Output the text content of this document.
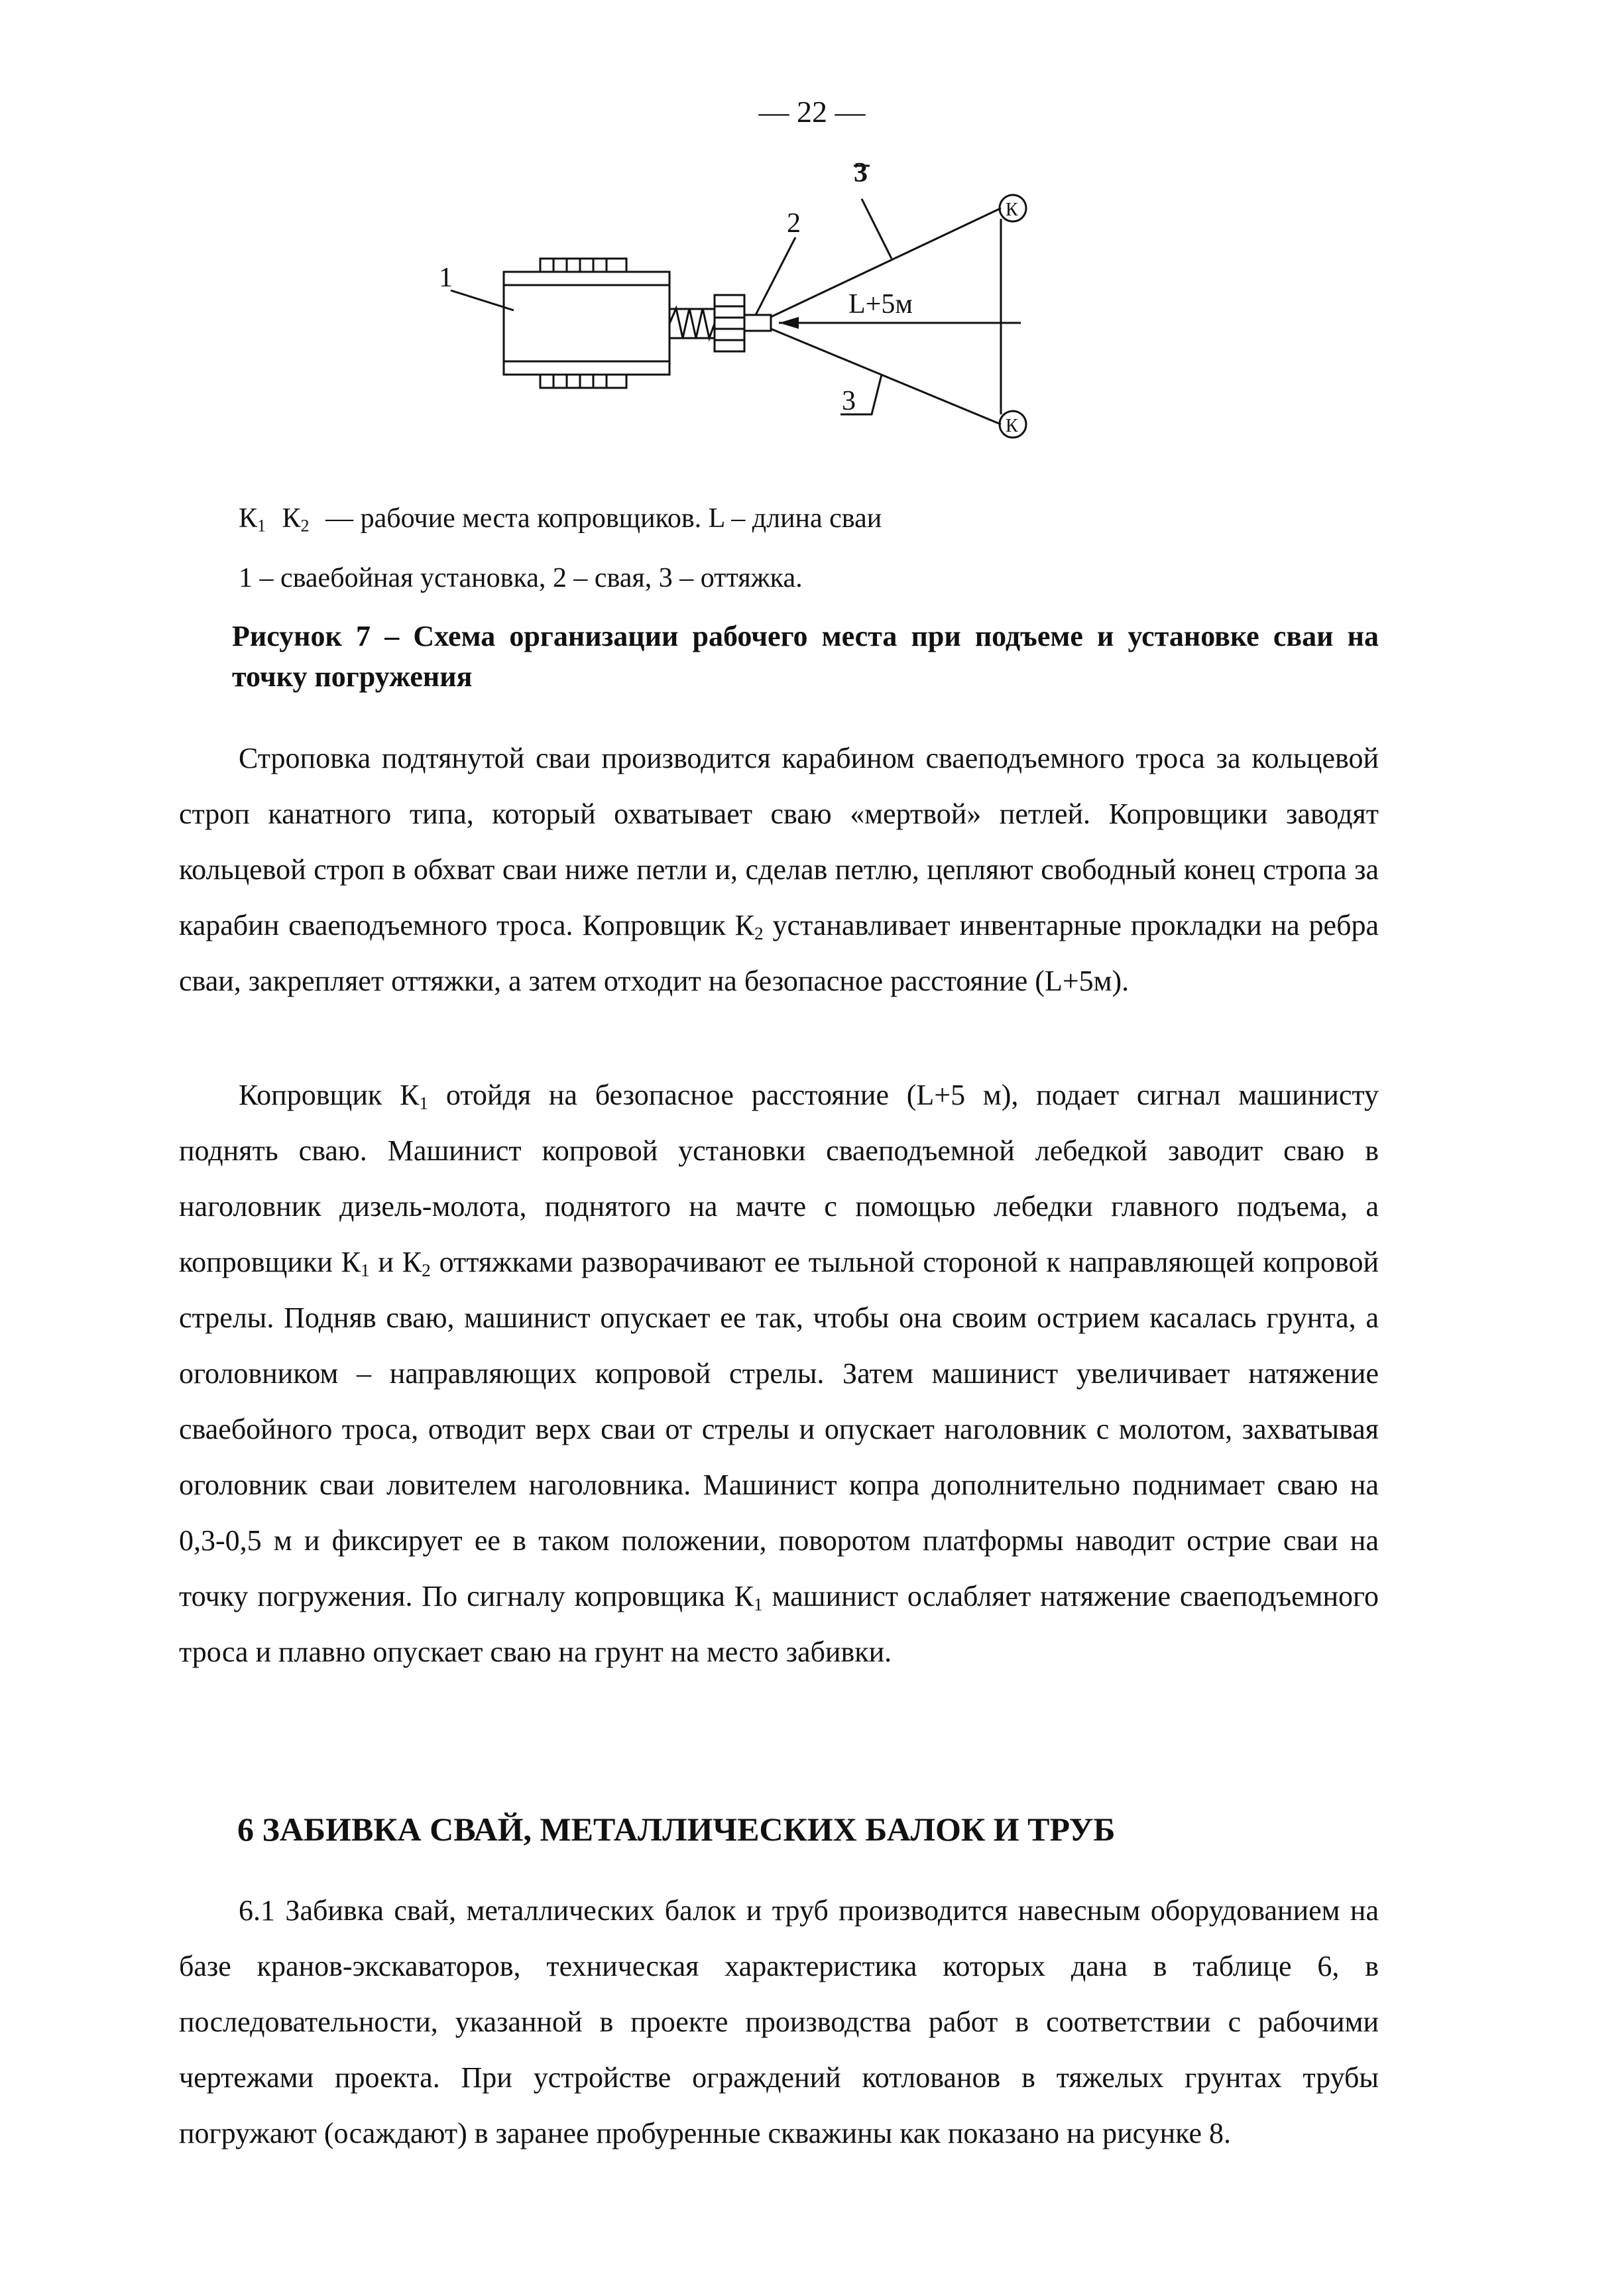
— 22 —
1
2
3
3
L+5м
К
К
$К_1$ $К_2$ — рабочие места копровщиков. L – длина сваи
1 – сваебойная установка, 2 – свая, 3 – оттяжка.
Рисунок 7 – Схема организации рабочего места при подъеме и установке сваи на точку погружения

Строповка подтянутой сваи производится карабином сваеподъемного троса за кольцевой строп канатного типа, который охватывает сваю «мертвой» петлей. Копровщики заводят кольцевой строп в обхват сваи ниже петли и, сделав петлю, цепляют свободный конец стропа за карабин сваеподъемного троса. Копровщик $К_2$ устанавливает инвентарные прокладки на ребра сваи, закрепляет оттяжки, а затем отходит на безопасное расстояние (L+5м).

Копровщик $К_1$ отойдя на безопасное расстояние (L+5 м), подает сигнал машинисту поднять сваю. Машинист копровой установки сваеподъемной лебедкой заводит сваю в наголовник дизель-молота, поднятого на мачте с помощью лебедки главного подъема, а копровщики $К_1$ и $К_2$ оттяжками разворачивают ее тыльной стороной к направляющей копровой стрелы. Подняв сваю, машинист опускает ее так, чтобы она своим острием касалась грунта, а оголовником – направляющих копровой стрелы. Затем машинист увеличивает натяжение сваебойного троса, отводит верх сваи от стрелы и опускает наголовник с молотом, захватывая оголовник сваи ловителем наголовника. Машинист копра дополнительно поднимает сваю на 0,3-0,5 м и фиксирует ее в таком положении, поворотом платформы наводит острие сваи на точку погружения. По сигналу копровщика $К_1$ машинист ослабляет натяжение сваеподъемного троса и плавно опускает сваю на грунт на место забивки.

6 ЗАБИВКА СВАЙ, МЕТАЛЛИЧЕСКИХ БАЛОК И ТРУБ

6.1 Забивка свай, металлических балок и труб производится навесным оборудованием на базе кранов-экскаваторов, техническая характеристика которых дана в таблице 6, в последовательности, указанной в проекте производства работ в соответствии с рабочими чертежами проекта. При устройстве ограждений котлованов в тяжелых грунтах трубы погружают (осаждают) в заранее пробуренные скважины как показано на рисунке 8.
